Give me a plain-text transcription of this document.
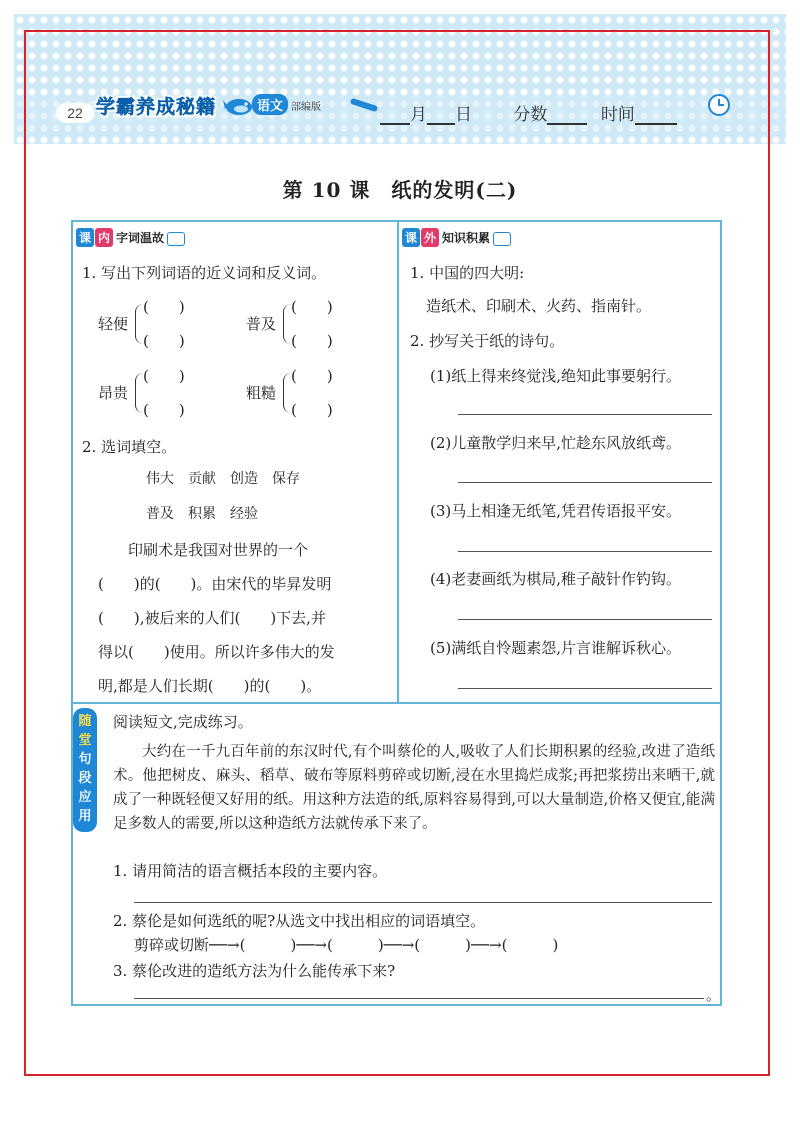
22 学霸养成秘籍	语文 部编版	月 日 分数	时间
第 10 课　纸的发明(二)
课 内 字词温故
1. 写出下列词语的近义词和反义词。
轻便
(　　)
(　　)
普及
(　　)
(　　)
昂贵
(　　)
(　　)
粗糙
(　　)
(　　)
2. 选词填空。
伟大　贡献　创造　保存
普及　积累　经验
　　印刷术是我国对世界的一个
(　　)的(　　)。由宋代的毕昇发明
(　　),被后来的人们(　　)下去,并
得以(　　)使用。所以许多伟大的发
明,都是人们长期(　　)的(　　)。
课 外 知识积累
1. 中国的四大明:
造纸术、印刷术、火药、指南针。
2. 抄写关于纸的诗句。
(1)纸上得来终觉浅,绝知此事要躬行。
(2)儿童散学归来早,忙趁东风放纸鸢。
(3)马上相逢无纸笔,凭君传语报平安。
(4)老妻画纸为棋局,稚子敲针作钓钩。
(5)满纸自怜题素怨,片言谁解诉秋心。
随
堂
句
段
应
用
阅读短文,完成练习。
大约在一千九百年前的东汉时代,有个叫蔡伦的人,吸收了人们长期积累的经验,改进了造纸术。他把树皮、麻头、稻草、破布等原料剪碎或切断,浸在水里捣烂成浆;再把浆捞出来晒干,就成了一种既轻便又好用的纸。用这种方法造的纸,原料容易得到,可以大量制造,价格又便宜,能满足多数人的需要,所以这种造纸方法就传承下来了。
1. 请用简洁的语言概括本段的主要内容。
2. 蔡伦是如何选纸的呢?从选文中找出相应的词语填空。
剪碎或切断──→(　　　)──→(　　　)──→(　　　)──→(　　　)
3. 蔡伦改进的造纸方法为什么能传承下来?
。
